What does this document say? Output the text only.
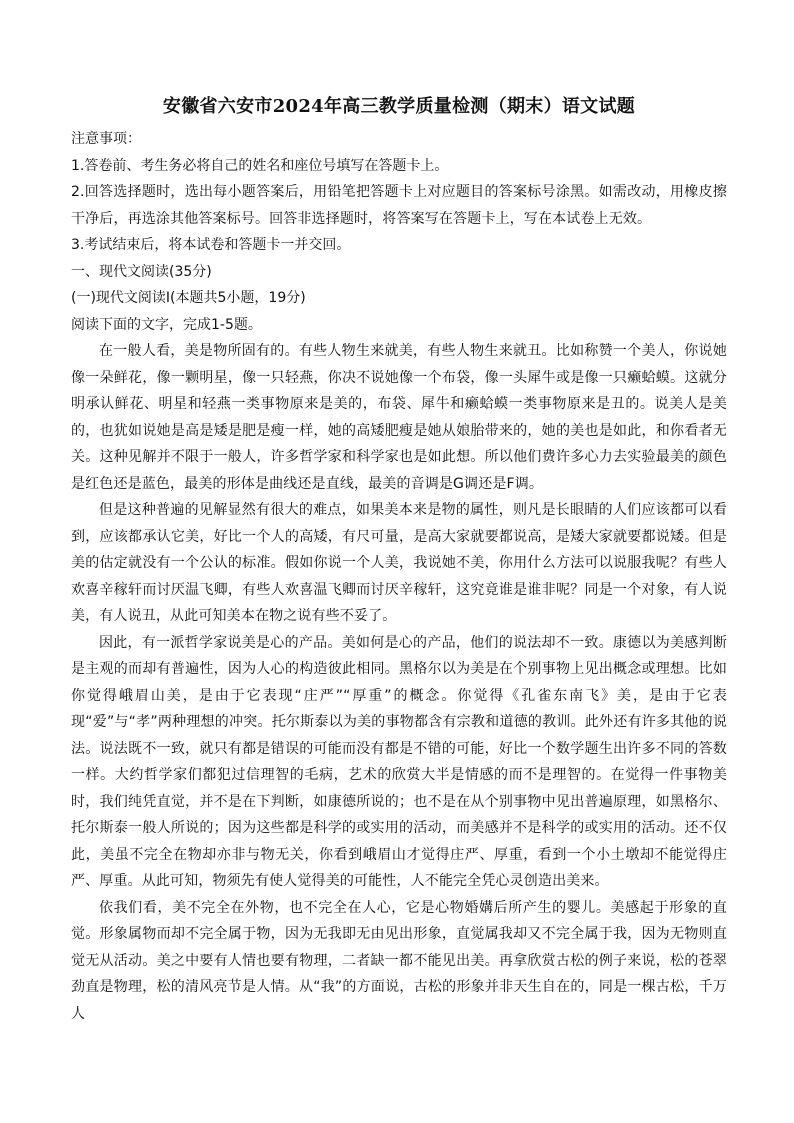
安徽省六安市2024年高三教学质量检测（期末）语文试题

注意事项：

1.答卷前、考生务必将自己的姓名和座位号填写在答题卡上。

2.回答选择题时，选出每小题答案后，用铅笔把答题卡上对应题目的答案标号涂黑。如需改动，用橡皮擦干净后，再选涂其他答案标号。回答非选择题时，将答案写在答题卡上，写在本试卷上无效。

3.考试结束后，将本试卷和答题卡一并交回。

一、现代文阅读(35分)

(一)现代文阅读Ⅰ(本题共5小题，19分)

阅读下面的文字，完成1-5题。

在一般人看，美是物所固有的。有些人物生来就美，有些人物生来就丑。比如称赞一个美人，你说她像一朵鲜花，像一颗明星，像一只轻燕，你决不说她像一个布袋，像一头犀牛或是像一只癞蛤蟆。这就分明承认鲜花、明星和轻燕一类事物原来是美的，布袋、犀牛和癞蛤蟆一类事物原来是丑的。说美人是美的，也犹如说她是高是矮是肥是瘦一样，她的高矮肥瘦是她从娘胎带来的，她的美也是如此，和你看者无关。这种见解并不限于一般人，许多哲学家和科学家也是如此想。所以他们费许多心力去实验最美的颜色是红色还是蓝色，最美的形体是曲线还是直线，最美的音调是G调还是F调。

但是这种普遍的见解显然有很大的难点，如果美本来是物的属性，则凡是长眼睛的人们应该都可以看到，应该都承认它美，好比一个人的高矮，有尺可量，是高大家就要都说高，是矮大家就要都说矮。但是美的估定就没有一个公认的标准。假如你说一个人美，我说她不美，你用什么方法可以说服我呢？有些人欢喜辛稼轩而讨厌温飞卿，有些人欢喜温飞卿而讨厌辛稼轩，这究竟谁是谁非呢？同是一个对象，有人说美，有人说丑，从此可知美本在物之说有些不妥了。

因此，有一派哲学家说美是心的产品。美如何是心的产品，他们的说法却不一致。康德以为美感判断是主观的而却有普遍性，因为人心的构造彼此相同。黑格尔以为美是在个别事物上见出概念或理想。比如你觉得峨眉山美，是由于它表现“庄严”“厚重”的概念。你觉得《孔雀东南飞》美，是由于它表现“爱”与“孝”两种理想的冲突。托尔斯泰以为美的事物都含有宗教和道德的教训。此外还有许多其他的说法。说法既不一致，就只有都是错误的可能而没有都是不错的可能，好比一个数学题生出许多不同的答数一样。大约哲学家们都犯过信理智的毛病，艺术的欣赏大半是情感的而不是理智的。在觉得一件事物美时，我们纯凭直觉，并不是在下判断，如康德所说的；也不是在从个别事物中见出普遍原理，如黑格尔、托尔斯泰一般人所说的；因为这些都是科学的或实用的活动，而美感并不是科学的或实用的活动。还不仅此，美虽不完全在物却亦非与物无关，你看到峨眉山才觉得庄严、厚重，看到一个小土墩却不能觉得庄严、厚重。从此可知，物须先有使人觉得美的可能性，人不能完全凭心灵创造出美来。

依我们看，美不完全在外物，也不完全在人心，它是心物婚媾后所产生的婴儿。美感起于形象的直觉。形象属物而却不完全属于物，因为无我即无由见出形象，直觉属我却又不完全属于我，因为无物则直觉无从活动。美之中要有人情也要有物理，二者缺一都不能见出美。再拿欣赏古松的例子来说，松的苍翠劲直是物理，松的清风亮节是人情。从“我”的方面说，古松的形象并非天生自在的，同是一棵古松，千万人
